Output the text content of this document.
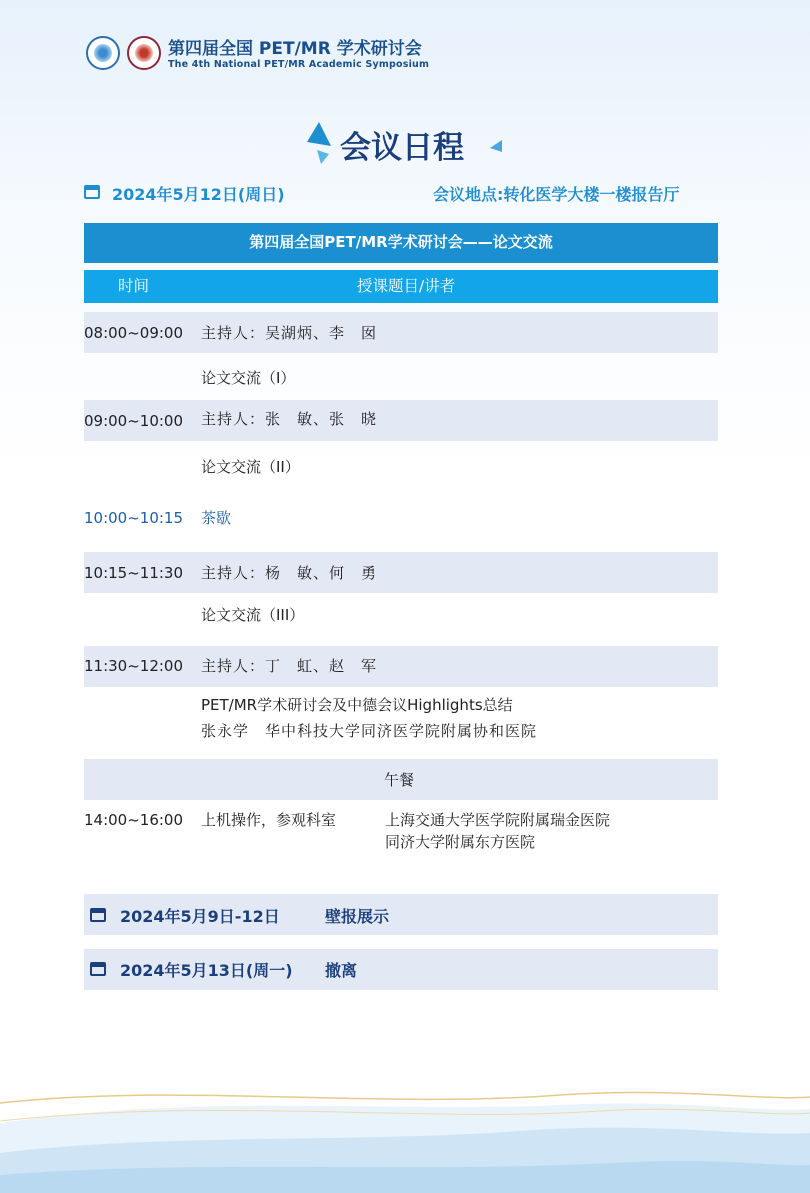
第四届全国 PET/MR 学术研讨会
The 4th National PET/MR Academic Symposium
会议日程
2024年5月12日(周日)	会议地点:转化医学大楼一楼报告厅
第四届全国PET/MR学术研讨会——论文交流
时间	授课题目/讲者
08:00~09:00 主持人：吴湖炳、李　囡
论文交流（I）
09:00~10:00 主持人：张　敏、张　晓
论文交流（II）
10:00~10:15 茶歇
10:15~11:30 主持人：杨　敏、何　勇
论文交流（III）
11:30~12:00 主持人：丁　虹、赵　军
PET/MR学术研讨会及中德会议Highlights总结
张永学　华中科技大学同济医学院附属协和医院
午餐
14:00~16:00 上机操作，参观科室	上海交通大学医学院附属瑞金医院
同济大学附属东方医院
2024年5月9日-12日	壁报展示
2024年5月13日(周一) 撤离
